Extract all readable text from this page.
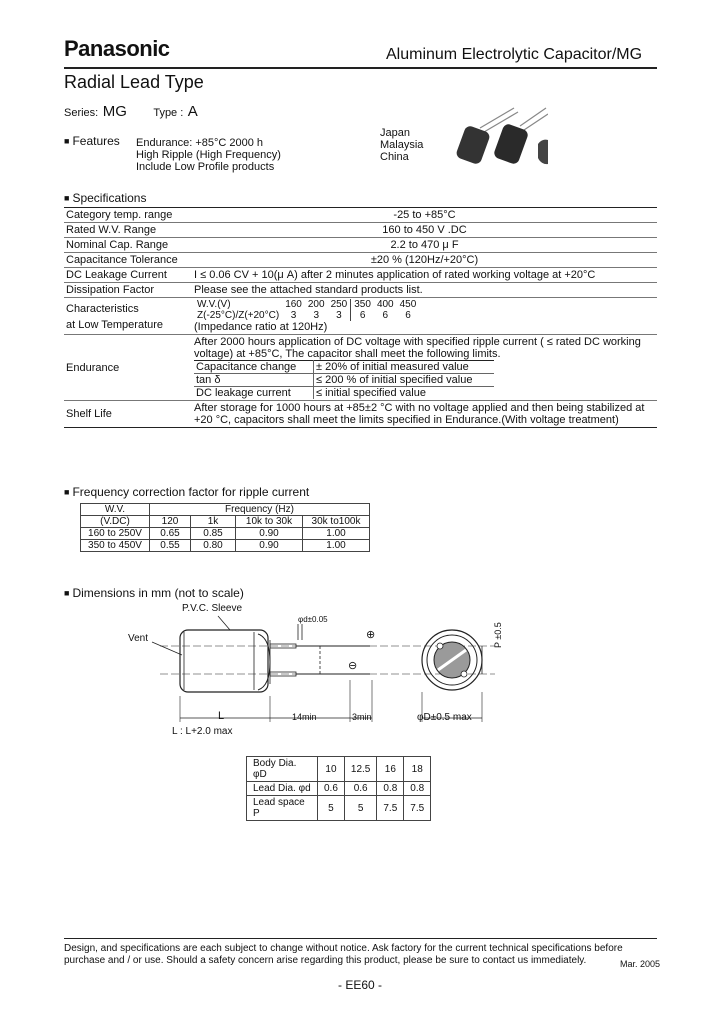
Panasonic	Aluminum Electrolytic Capacitor/MG
Radial Lead Type
Series: MG Type : A
■ Features Endurance: +85°C 2000 h
High Ripple (High Frequency)
Include Low Profile products
Japan
Malaysia
China
■ Specifications
Category temp. range	-25 to +85°C
Rated W.V. Range	160 to 450 V .DC
Nominal Cap. Range	2.2 to 470 μ F
Capacitance Tolerance	±20 % (120Hz/+20°C)
DC Leakage Current	I ≤ 0.06 CV + 10(μ A) after 2 minutes application of rated working voltage at +20°C
Dissipation Factor	Please see the attached standard products list.

Characteristics
at Low Temperature

W.V.(V)	160	200	250	350	400	450
Z(-25°C)/Z(+20°C)	3	3	3	6	6	6
(Impedance ratio at 120Hz)

Endurance	
After 2000 hours application of DC voltage with specified ripple current ( ≤ rated DC working voltage) at +85°C, The capacitor shall meet the following limits.
Capacitance change	± 20% of initial measured value
tan δ	≤ 200 % of initial specified value
DC leakage current	≤ initial specified value

Shelf Life	After storage for 1000 hours at +85±2 °C with no voltage applied and then being stabilized at +20 °C, capacitors shall meet the limits specified in Endurance.(With voltage treatment)
■ Frequency correction factor for ripple current
W.V.	Frequency (Hz)			
(V.DC)	120	1k	10k to 30k	30k to100k
160 to 250V	0.65	0.85	0.90	1.00
350 to 450V	0.55	0.80	0.90	1.00
■ Dimensions in mm (not to scale)
P.V.C. Sleeve
Vent
φd±0.05
⊕
⊖
P ±0.5
L	14min	3min	φD±0.5 max
L : L+2.0 max
Body Dia. φD	10	12.5	16	18
Lead Dia. φd	0.6	0.6	0.8	0.8
Lead space P	5	5	7.5	7.5
Design, and specifications are each subject to change without notice. Ask factory for the current technical specifications before purchase and / or use. Should a safety concern arise regarding this product, please be sure to contact us immediately.	Mar. 2005
- EE60 -
